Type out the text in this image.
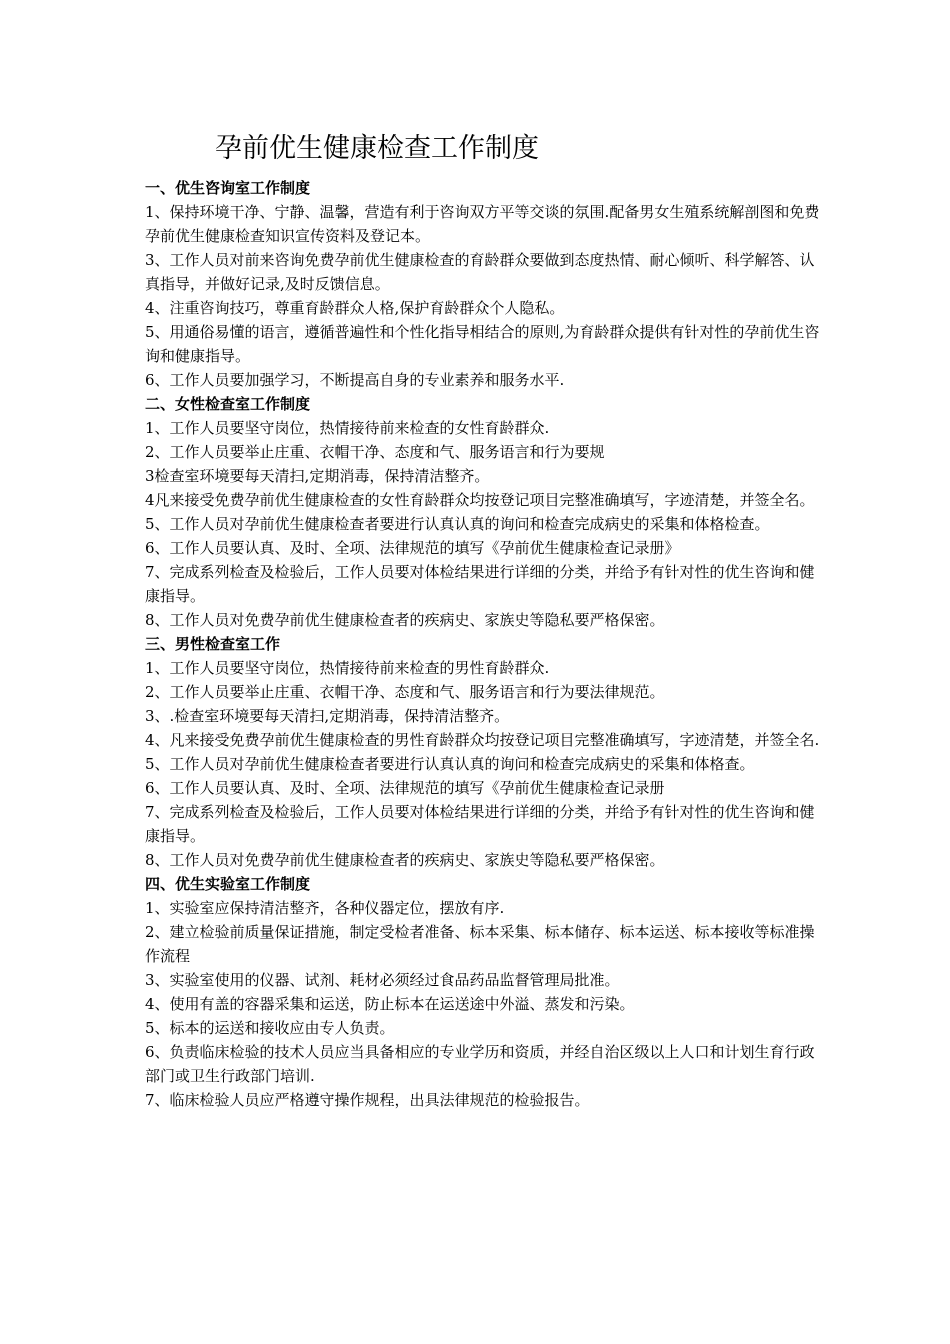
孕前优生健康检查工作制度
一、优生咨询室工作制度

1、保持环境干净、宁静、温馨，营造有利于咨询双方平等交谈的氛围.配备男女生殖系统解剖图和免费孕前优生健康检查知识宣传资料及登记本。

3、工作人员对前来咨询免费孕前优生健康检查的育龄群众要做到态度热情、耐心倾听、科学解答、认真指导，并做好记录,及时反馈信息。

4、注重咨询技巧，尊重育龄群众人格,保护育龄群众个人隐私。

5、用通俗易懂的语言，遵循普遍性和个性化指导相结合的原则,为育龄群众提供有针对性的孕前优生咨询和健康指导。

6、工作人员要加强学习，不断提高自身的专业素养和服务水平.

二、女性检查室工作制度

1、工作人员要坚守岗位，热情接待前来检查的女性育龄群众.

2、工作人员要举止庄重、衣帽干净、态度和气、服务语言和行为要规

3检查室环境要每天清扫,定期消毒，保持清洁整齐。

4凡来接受免费孕前优生健康检查的女性育龄群众均按登记项目完整准确填写，字迹清楚，并签全名。

5、工作人员对孕前优生健康检查者要进行认真认真的询问和检查完成病史的采集和体格检查。

6、工作人员要认真、及时、全项、法律规范的填写《孕前优生健康检查记录册》

7、完成系列检查及检验后，工作人员要对体检结果进行详细的分类，并给予有针对性的优生咨询和健康指导。

8、工作人员对免费孕前优生健康检查者的疾病史、家族史等隐私要严格保密。

三、男性检查室工作

1、工作人员要坚守岗位，热情接待前来检查的男性育龄群众.

2、工作人员要举止庄重、衣帽干净、态度和气、服务语言和行为要法律规范。

3、.检查室环境要每天清扫,定期消毒，保持清洁整齐。

4、凡来接受免费孕前优生健康检查的男性育龄群众均按登记项目完整准确填写，字迹清楚，并签全名.

5、工作人员对孕前优生健康检查者要进行认真认真的询问和检查完成病史的采集和体格查。

6、工作人员要认真、及时、全项、法律规范的填写《孕前优生健康检查记录册

7、完成系列检查及检验后，工作人员要对体检结果进行详细的分类，并给予有针对性的优生咨询和健康指导。

8、工作人员对免费孕前优生健康检查者的疾病史、家族史等隐私要严格保密。

四、优生实验室工作制度

1、实验室应保持清洁整齐，各种仪器定位，摆放有序.

2、建立检验前质量保证措施，制定受检者准备、标本采集、标本储存、标本运送、标本接收等标准操作流程

3、实验室使用的仪器、试剂、耗材必须经过食品药品监督管理局批准。

4、使用有盖的容器采集和运送，防止标本在运送途中外溢、蒸发和污染。

5、标本的运送和接收应由专人负责。

6、负责临床检验的技术人员应当具备相应的专业学历和资质，并经自治区级以上人口和计划生育行政部门或卫生行政部门培训.

7、临床检验人员应严格遵守操作规程，出具法律规范的检验报告。
